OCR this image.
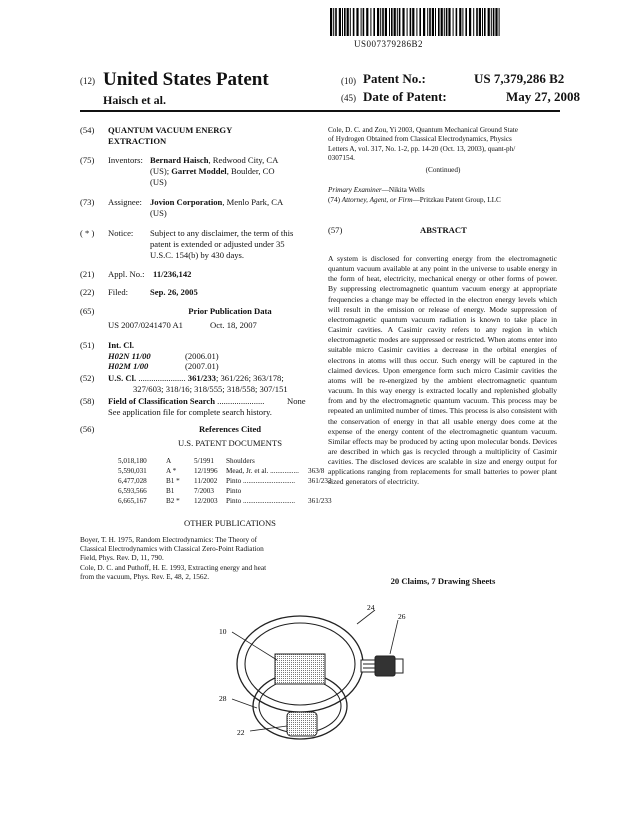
US007379286B2
(12) United States Patent
Haisch et al.
(10) Patent No.:	US 7,379,286 B2
(45) Date of Patent:	May 27, 2008
(54) QUANTUM VACUUM ENERGY
EXTRACTION
(75) Inventors: Bernard Haisch, Redwood City, CA
(US); Garret Moddel, Boulder, CO
(US)
(73) Assignee: Jovion Corporation, Menlo Park, CA
(US)
( * ) Notice: Subject to any disclaimer, the term of this
patent is extended or adjusted under 35
U.S.C. 154(b) by 430 days.
(21) Appl. No.: 11/236,142
(22) Filed:	Sep. 26, 2005
(65)	Prior Publication Data
US 2007/0241470 A1	Oct. 18, 2007
(51) Int. Cl.
H02N 11/00	(2006.01)
H02M 1/00	(2007.01)
(52) U.S. Cl. ...................... 361/233; 361/226; 363/178;
327/603; 318/16; 318/555; 318/558; 307/151
(58) Field of Classification Search ......................	None
See application file for complete search history.
(56)	References Cited
U.S. PATENT DOCUMENTS
5,018,180	A	5/1991 Shoulders
5,590,031	A * 12/1996 Mead, Jr. et al. ................ 363/8
6,477,028	B1 * 11/2002 Pinto ............................. 361/233
6,593,566	B1	7/2003 Pinto
6,665,167	B2 * 12/2003 Pinto ............................. 361/233
OTHER PUBLICATIONS
Boyer, T. H. 1975, Random Electrodynamics: The Theory of
Classical Electrodynamics with Classical Zero-Point Radiation
Field, Phys. Rev. D, 11, 790.
Cole, D. C. and Puthoff, H. E. 1993, Extracting energy and heat
from the vacuum, Phys. Rev. E, 48, 2, 1562.
Cole, D. C. and Zou, Yi 2003, Quantum Mechanical Ground State
of Hydrogen Obtained from Classical Electrodynamics, Physics
Letters A, vol. 317, No. 1-2, pp. 14-20 (Oct. 13, 2003), quant-ph/
0307154.
(Continued)
Primary Examiner—Nikita Wells
(74) Attorney, Agent, or Firm—Pritzkau Patent Group, LLC
(57)	ABSTRACT
A system is disclosed for converting energy from the electromagnetic quantum vacuum available at any point in the universe to usable energy in the form of heat, electricity, mechanical energy or other forms of power. By suppressing electromagnetic quantum vacuum energy at appropriate frequencies a change may be effected in the electron energy levels which will result in the emission or release of energy. Mode suppression of electromagnetic quantum vacuum radiation is known to take place in Casimir cavities. A Casimir cavity refers to any region in which electromagnetic modes are suppressed or restricted. When atoms enter into suitable micro Casimir cavities a decrease in the orbital energies of electrons in atoms will thus occur. Such energy will be captured in the claimed devices. Upon emergence form such micro Casimir cavities the atoms will be re-energized by the ambient electromagnetic quantum vacuum. In this way energy is extracted locally and replenished globally from and by the electromagnetic quantum vacuum. This process may be repeated an unlimited number of times. This process is also consistent with the conservation of energy in that all usable energy does come at the expense of the energy content of the electromagnetic quantum vacuum. Similar effects may be produced by acting upon molecular bonds. Devices are described in which gas is recycled through a multiplicity of Casimir cavities. The disclosed devices are scalable in size and energy output for applications ranging from replacements for small batteries to power plant sized generators of electricity.
20 Claims, 7 Drawing Sheets
24
26
10
28
22
